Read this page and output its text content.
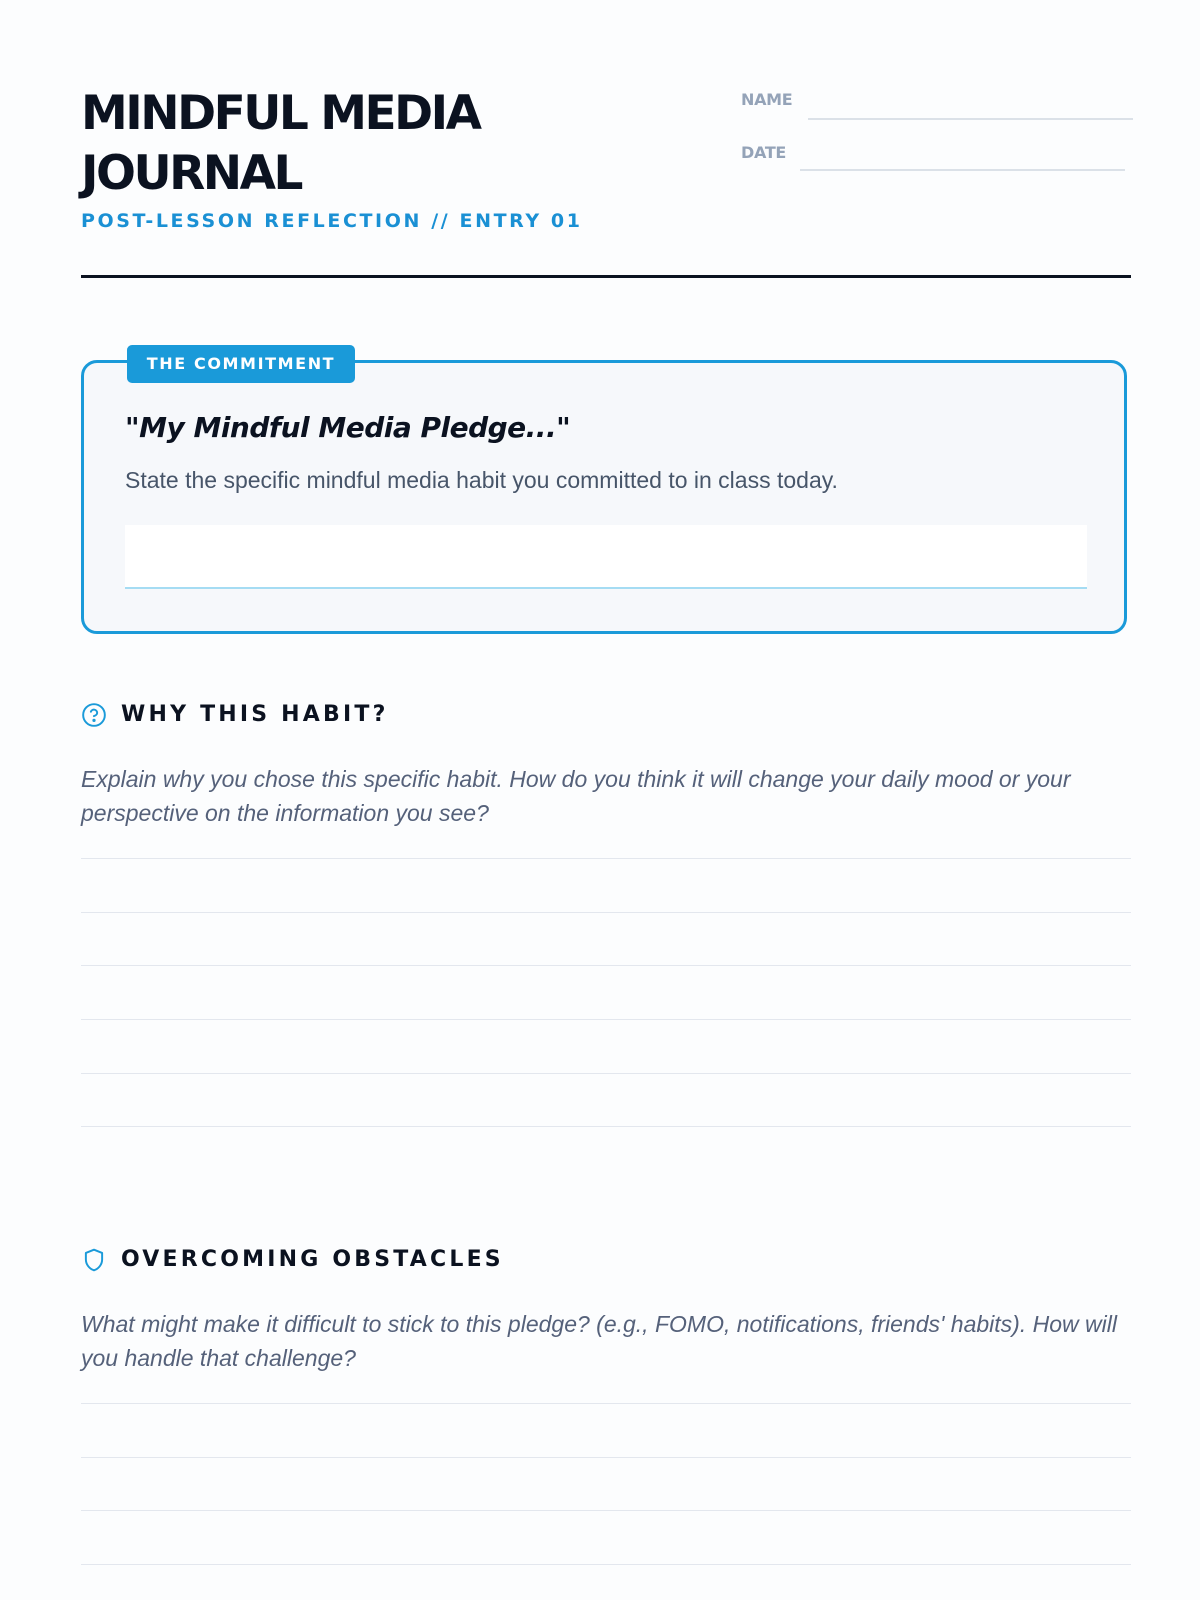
MINDFUL MEDIA
JOURNAL
POST-LESSON REFLECTION // ENTRY 01
NAME
DATE
THE COMMITMENT
"My Mindful Media Pledge..."
State the specific mindful media habit you committed to in class today.
WHY THIS HABIT?
Explain why you chose this specific habit. How do you think it will change your daily mood or your perspective on the information you see?
OVERCOMING OBSTACLES
What might make it difficult to stick to this pledge? (e.g., FOMO, notifications, friends' habits). How will you handle that challenge?
